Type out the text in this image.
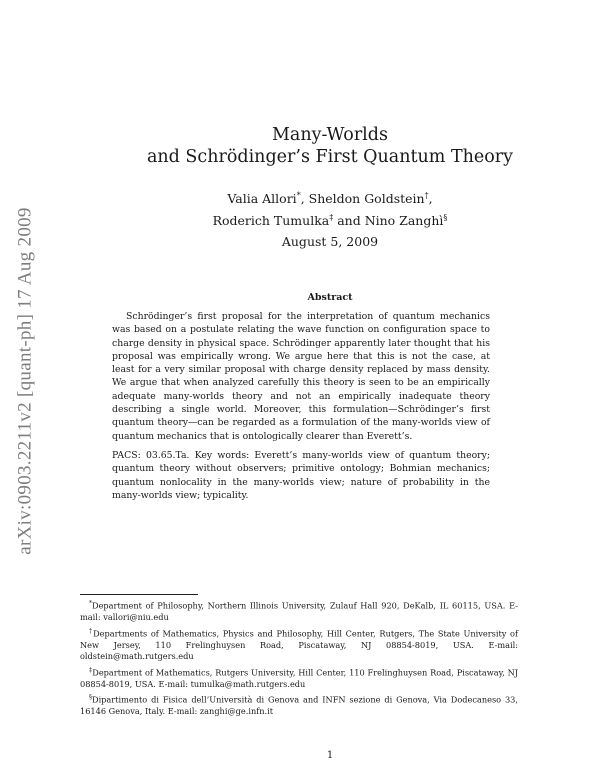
arXiv:0903.2211v2 [quant-ph] 17 Aug 2009
Many-Worlds
and Schrödinger’s First Quantum Theory
Valia Allori*, Sheldon Goldstein†,
Roderich Tumulka‡ and Nino Zanghì§
August 5, 2009
Abstract

Schrödinger’s first proposal for the interpretation of quantum mechanics was based on a postulate relating the wave function on configuration space to charge density in physical space. Schrödinger apparently later thought that his proposal was empirically wrong. We argue here that this is not the case, at least for a very similar proposal with charge density replaced by mass density. We argue that when analyzed carefully this theory is seen to be an empirically adequate many-worlds theory and not an empirically inadequate theory describing a single world. Moreover, this formulation—Schrödinger’s first quantum theory—can be regarded as a formulation of the many-worlds view of quantum mechanics that is ontologically clearer than Everett’s.

PACS: 03.65.Ta. Key words: Everett’s many-worlds view of quantum theory; quantum theory without observers; primitive ontology; Bohmian mechanics; quantum nonlocality in the many-worlds view; nature of probability in the many-worlds view; typicality.

*Department of Philosophy, Northern Illinois University, Zulauf Hall 920, DeKalb, IL 60115, USA. E-mail: vallori@niu.edu

†Departments of Mathematics, Physics and Philosophy, Hill Center, Rutgers, The State University of New Jersey, 110 Frelinghuysen Road, Piscataway, NJ 08854-8019, USA. E-mail: oldstein@math.rutgers.edu

‡Department of Mathematics, Rutgers University, Hill Center, 110 Frelinghuysen Road, Piscataway, NJ 08854-8019, USA. E-mail: tumulka@math.rutgers.edu

§Dipartimento di Fisica dell’Università di Genova and INFN sezione di Genova, Via Dodecaneso 33, 16146 Genova, Italy. E-mail: zanghi@ge.infn.it

1
